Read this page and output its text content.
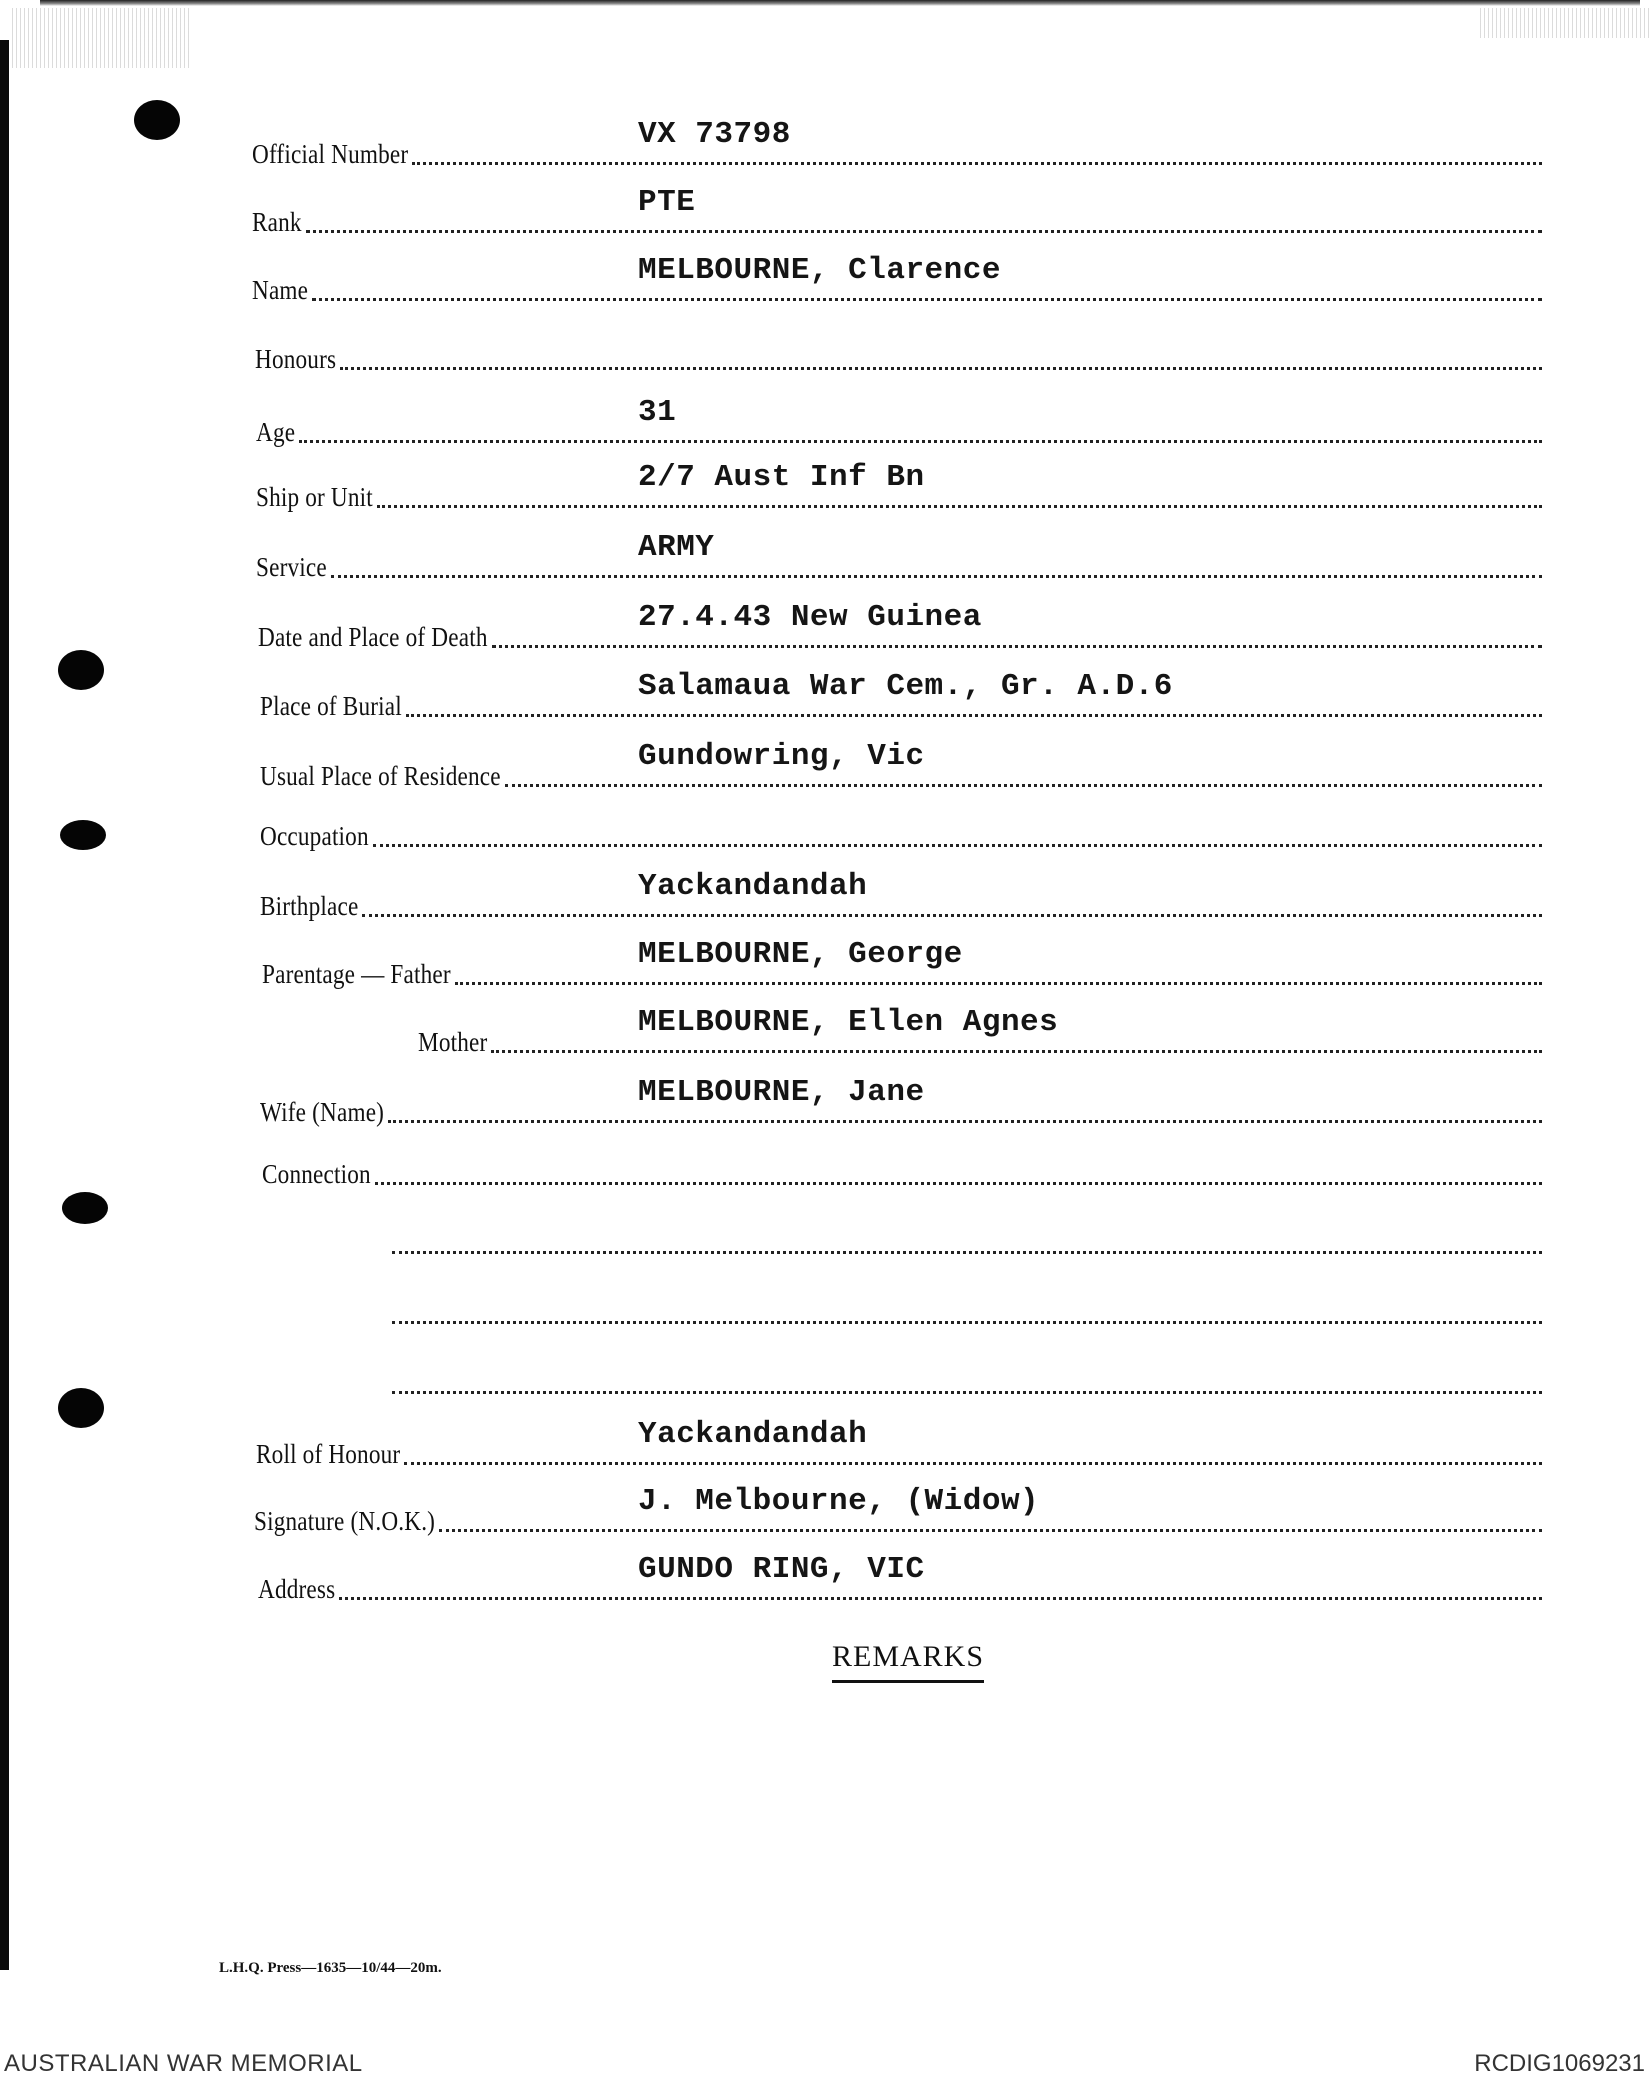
Official Number
VX 73798
Rank
PTE
Name
MELBOURNE, Clarence
Honours
Age
31
Ship or Unit
2/7 Aust Inf Bn
Service
ARMY
Date and Place of Death
27.4.43 New Guinea
Place of Burial
Salamaua War Cem., Gr. A.D.6
Usual Place of Residence
Gundowring, Vic
Occupation
Birthplace
Yackandandah
Parentage — Father
MELBOURNE, George
Mother
MELBOURNE, Ellen Agnes
Wife (Name)
MELBOURNE, Jane
Connection
Roll of Honour
Yackandandah
Signature (N.O.K.)
J. Melbourne, (Widow)
Address
GUNDO RING, VIC
REMARKS
L.H.Q. Press—1635—10/44—20m.
AUSTRALIAN WAR MEMORIAL	RCDIG1069231
